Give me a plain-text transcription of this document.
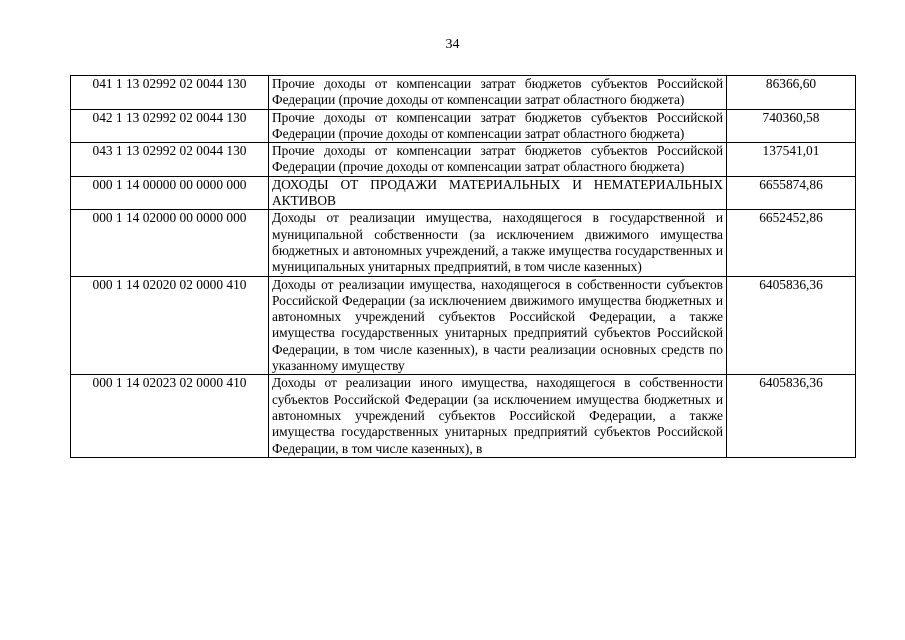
34
041 1 13 02992 02 0044 130	Прочие доходы от компенсации затрат бюджетов субъектов Российской Федерации (прочие доходы от компенсации затрат областного бюджета)	86366,60
042 1 13 02992 02 0044 130	Прочие доходы от компенсации затрат бюджетов субъектов Российской Федерации (прочие доходы от компенсации затрат областного бюджета)	740360,58
043 1 13 02992 02 0044 130	Прочие доходы от компенсации затрат бюджетов субъектов Российской Федерации (прочие доходы от компенсации затрат областного бюджета)	137541,01
000 1 14 00000 00 0000 000	ДОХОДЫ ОТ ПРОДАЖИ МАТЕРИАЛЬНЫХ И НЕМАТЕРИАЛЬНЫХ АКТИВОВ	6655874,86
000 1 14 02000 00 0000 000	Доходы от реализации имущества, находящегося в государственной и муниципальной собственности (за исключением движимого имущества бюджетных и автономных учреждений, а также имущества государственных и муниципальных унитарных предприятий, в том числе казенных)	6652452,86
000 1 14 02020 02 0000 410	Доходы от реализации имущества, находящегося в собственности субъектов Российской Федерации (за исключением движимого имущества бюджетных и автономных учреждений субъектов Российской Федерации, а также имущества государственных унитарных предприятий субъектов Российской Федерации, в том числе казенных), в части реализации основных средств по указанному имуществу	6405836,36
000 1 14 02023 02 0000 410	Доходы от реализации иного имущества, находящегося в собственности субъектов Российской Федерации (за исключением имущества бюджетных и автономных учреждений субъектов Российской Федерации, а также имущества государственных унитарных предприятий субъектов Российской Федерации, в том числе казенных), в	6405836,36
